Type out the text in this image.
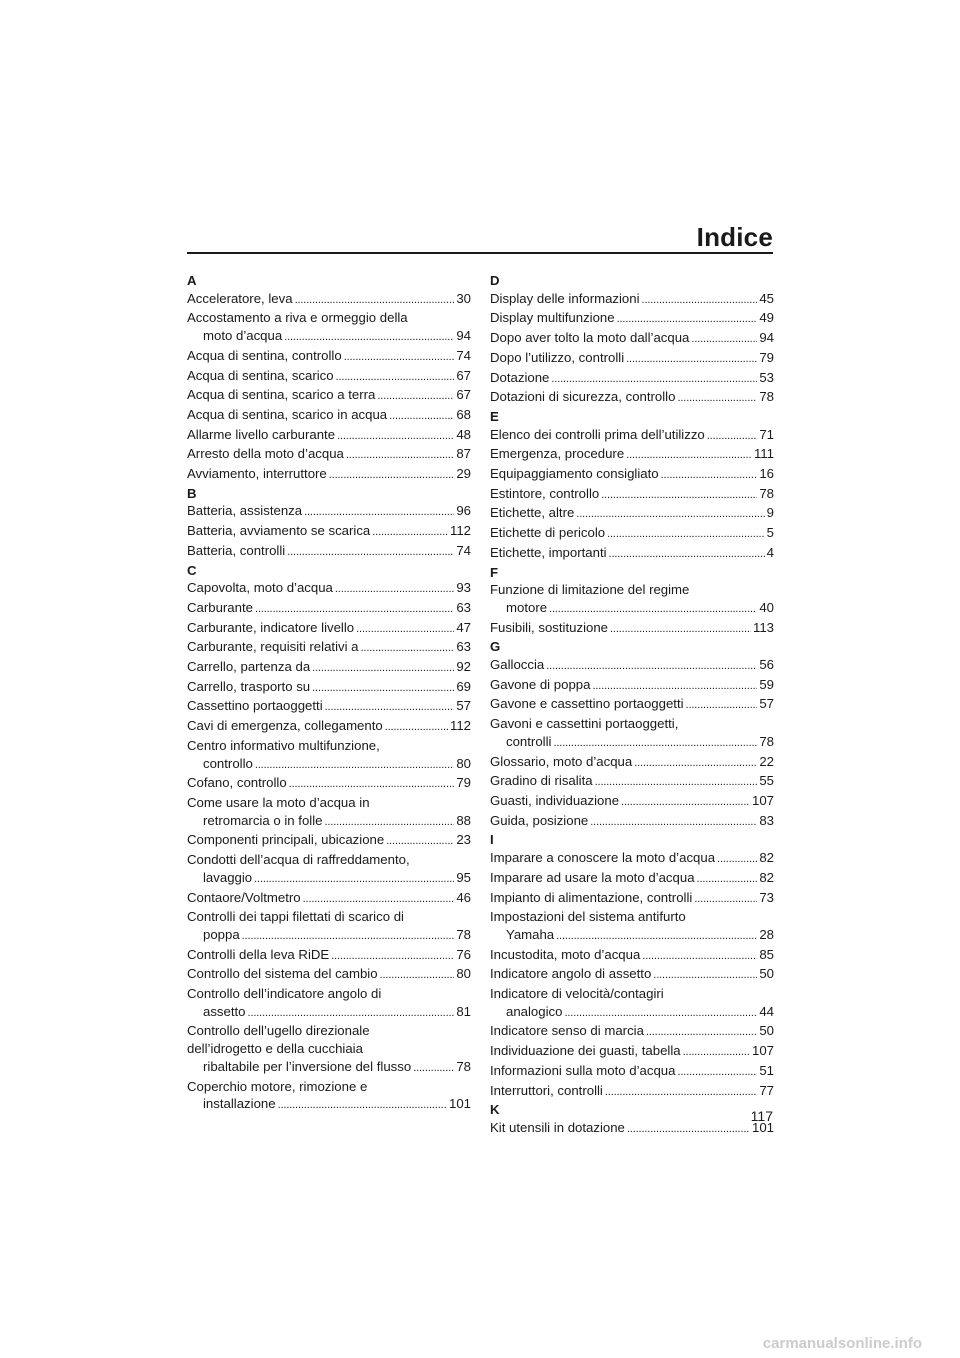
Indice
A
Acceleratore, leva . . .	30
Accostamento a riva e ormeggio della
moto d’acqua . . .	94
Acqua di sentina, controllo . . .	74
Acqua di sentina, scarico . . .	67
Acqua di sentina, scarico a terra . . .	67
Acqua di sentina, scarico in acqua . . .	68
Allarme livello carburante . . .	48
Arresto della moto d’acqua . . .	87
Avviamento, interruttore . . .	29
B
Batteria, assistenza . . .	96
Batteria, avviamento se scarica . . .	112
Batteria, controlli . . .	74
C
Capovolta, moto d’acqua . . .	93
Carburante . . .	63
Carburante, indicatore livello . . .	47
Carburante, requisiti relativi a . . .	63
Carrello, partenza da . . .	92
Carrello, trasporto su . . .	69
Cassettino portaoggetti . . .	57
Cavi di emergenza, collegamento . . .	112
Centro informativo multifunzione,
controllo . . .	80
Cofano, controllo . . .	79
Come usare la moto d’acqua in
retromarcia o in folle . . .	88
Componenti principali, ubicazione . . .	23
Condotti dell’acqua di raffreddamento,
lavaggio . . .	95
Contaore/Voltmetro . . .	46
Controlli dei tappi filettati di scarico di
poppa . . .	78
Controlli della leva RiDE . . .	76
Controllo del sistema del cambio . . .	80
Controllo dell’indicatore angolo di
assetto . . .	81
Controllo dell’ugello direzionale
dell’idrogetto e della cucchiaia
ribaltabile per l’inversione del flusso . . .	78
Coperchio motore, rimozione e
installazione . . .	101
D
Display delle informazioni . . .	45
Display multifunzione . . .	49
Dopo aver tolto la moto dall’acqua . . .	94
Dopo l’utilizzo, controlli . . .	79
Dotazione . . .	53
Dotazioni di sicurezza, controllo . . .	78
E
Elenco dei controlli prima dell’utilizzo . . .	71
Emergenza, procedure . . .	111
Equipaggiamento consigliato . . .	16
Estintore, controllo . . .	78
Etichette, altre . . .	9
Etichette di pericolo . . .	5
Etichette, importanti . . .	4
F
Funzione di limitazione del regime
motore . . .	40
Fusibili, sostituzione . . .	113
G
Galloccia . . .	56
Gavone di poppa . . .	59
Gavone e cassettino portaoggetti . . .	57
Gavoni e cassettini portaoggetti,
controlli . . .	78
Glossario, moto d’acqua . . .	22
Gradino di risalita . . .	55
Guasti, individuazione . . .	107
Guida, posizione . . .	83
I
Imparare a conoscere la moto d’acqua . . .	82
Imparare ad usare la moto d’acqua . . .	82
Impianto di alimentazione, controlli . . .	73
Impostazioni del sistema antifurto
Yamaha . . .	28
Incustodita, moto d’acqua . . .	85
Indicatore angolo di assetto . . .	50
Indicatore di velocità/contagiri
analogico . . .	44
Indicatore senso di marcia . . .	50
Individuazione dei guasti, tabella . . .	107
Informazioni sulla moto d’acqua . . .	51
Interruttori, controlli . . .	77
K
Kit utensili in dotazione . . .	101
117
carmanualsonline.info
